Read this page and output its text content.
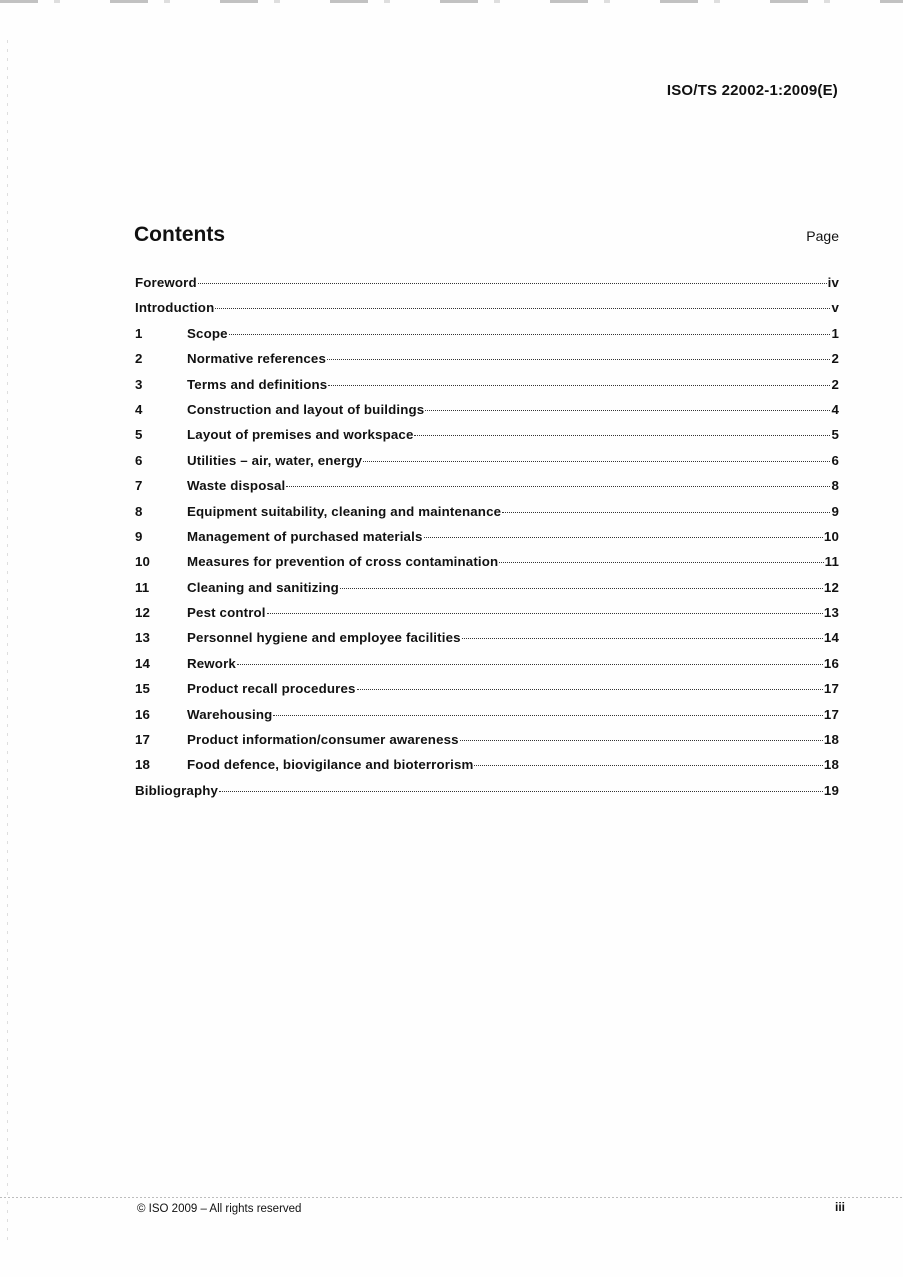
ISO/TS 22002-1:2009(E)
Contents	Page
Foreword	iv
Introduction	v
1	Scope	1
2	Normative references	2
3	Terms and definitions	2
4	Construction and layout of buildings	4
5	Layout of premises and workspace	5
6	Utilities – air, water, energy	6
7	Waste disposal	8
8	Equipment suitability, cleaning and maintenance	9
9	Management of purchased materials	10
10	Measures for prevention of cross contamination	11
11	Cleaning and sanitizing	12
12	Pest control	13
13	Personnel hygiene and employee facilities	14
14	Rework	16
15	Product recall procedures	17
16	Warehousing	17
17	Product information/consumer awareness	18
18	Food defence, biovigilance and bioterrorism	18
Bibliography	19
© ISO 2009 – All rights reserved	iii
